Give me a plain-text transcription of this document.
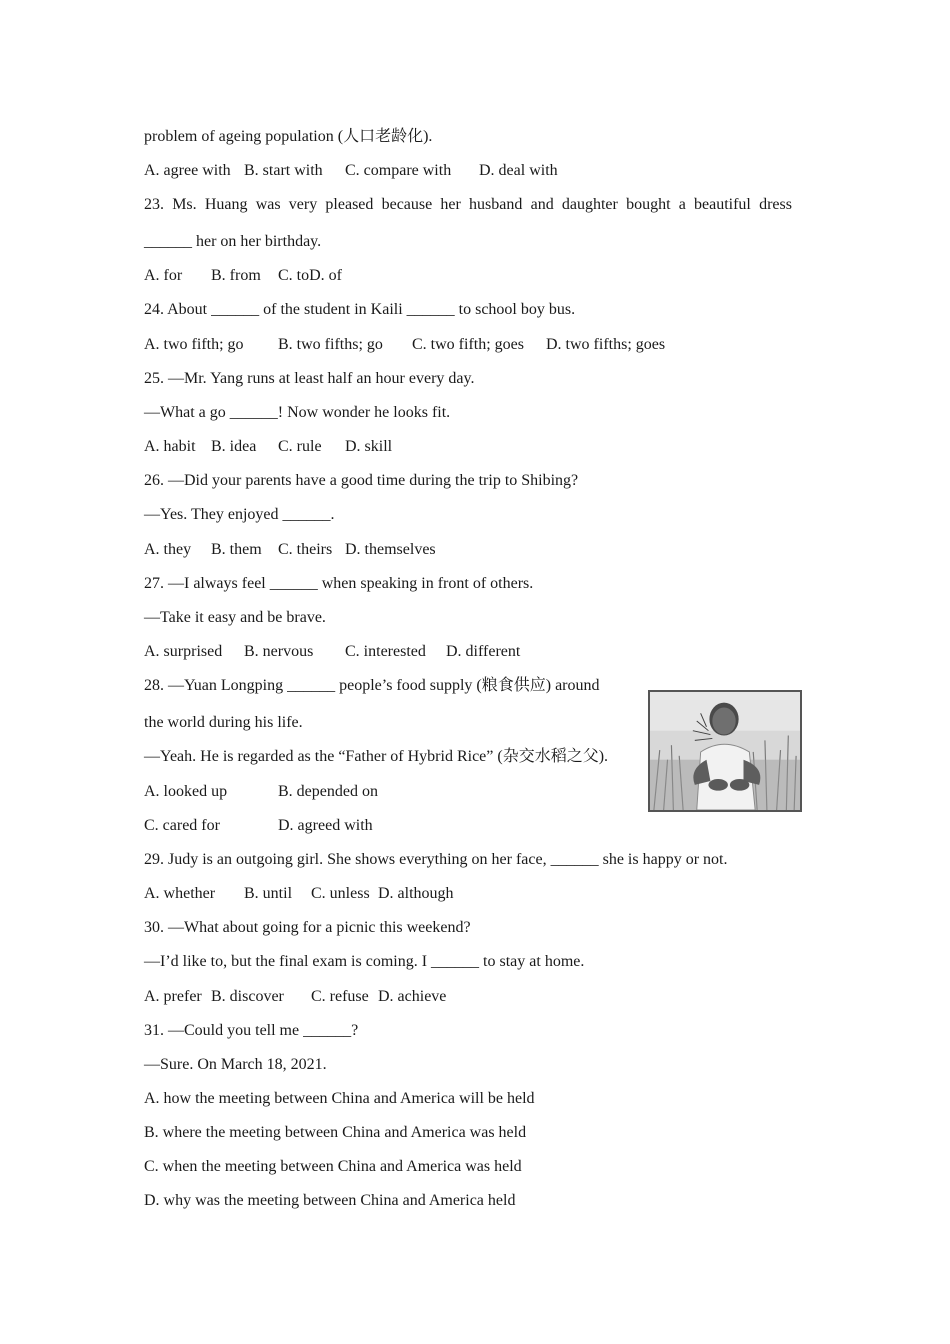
problem of ageing population (人口老龄化).
A. agree with B. start with C. compare with D. deal with
23. Ms. Huang was very pleased because her husband and daughter bought a beautiful dress
______ her on her birthday.
A. for B. from C. toD. of
24. About ______ of the student in Kaili ______ to school boy bus.
A. two fifth; go B. two fifths; go C. two fifth; goes D. two fifths; goes
25. —Mr. Yang runs at least half an hour every day.
—What a go ______! Now wonder he looks fit.
A. habit B. idea C. rule D. skill
26. —Did your parents have a good time during the trip to Shibing?
—Yes. They enjoyed ______.
A. they B. them C. theirs D. themselves
27. —I always feel ______ when speaking in front of others.
—Take it easy and be brave.
A. surprised B. nervous C. interested D. different
28. —Yuan Longping ______ people’s food supply (粮食供应) around
the world during his life.
—Yeah. He is regarded as the “Father of Hybrid Rice” (杂交水稻之父).
A. looked up	B. depended on
C. cared for	D. agreed with
29. Judy is an outgoing girl. She shows everything on her face, ______ she is happy or not.
A. whether B. until C. unless D. although
30. —What about going for a picnic this weekend?
—I’d like to, but the final exam is coming. I ______ to stay at home.
A. prefer B. discover C. refuse D. achieve
31. —Could you tell me ______?
—Sure. On March 18, 2021.
A. how the meeting between China and America will be held
B. where the meeting between China and America was held
C. when the meeting between China and America was held
D. why was the meeting between China and America held
